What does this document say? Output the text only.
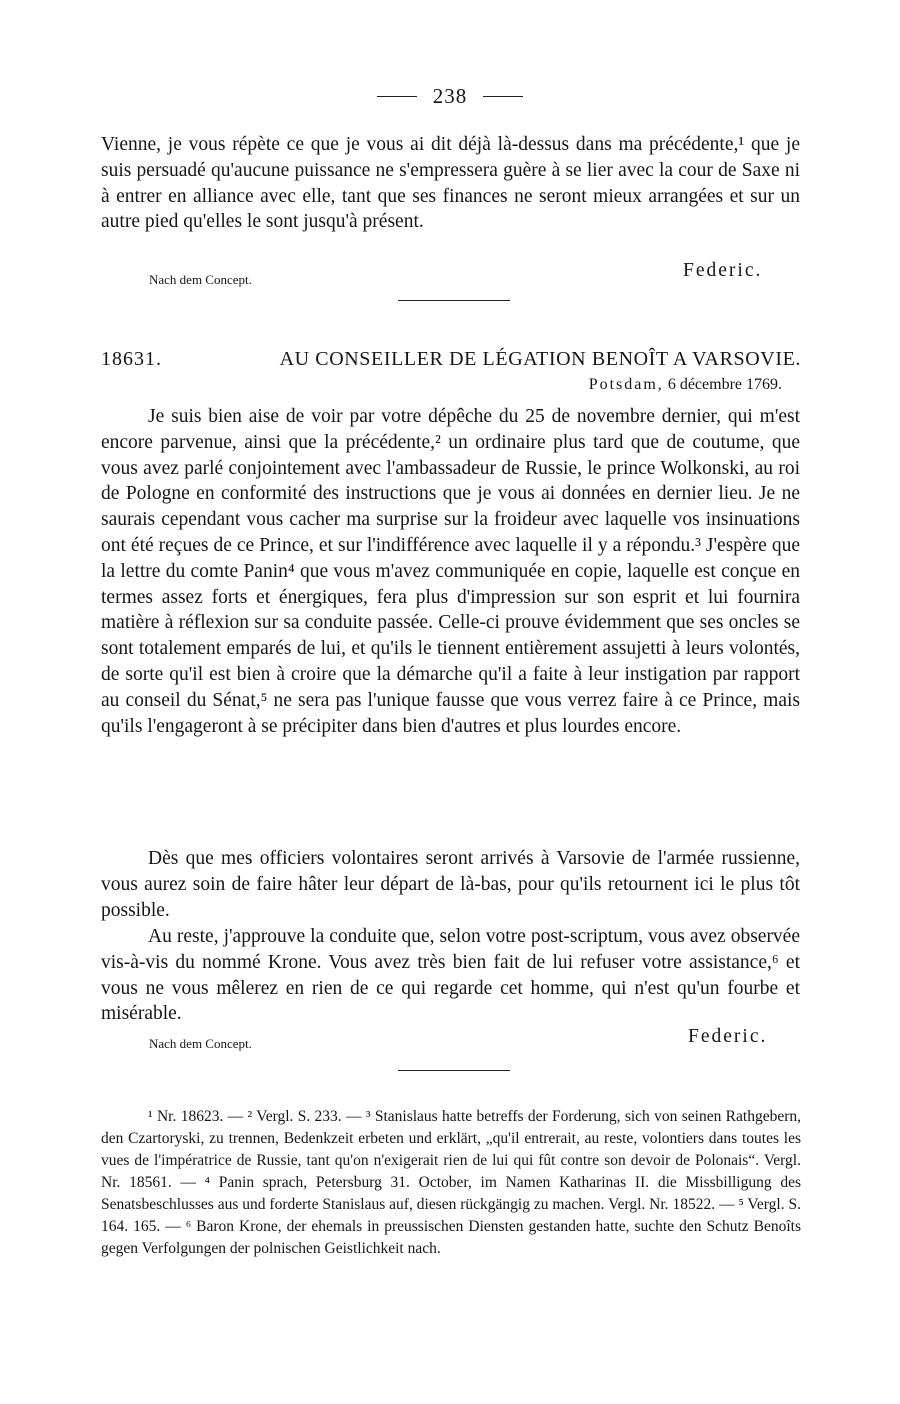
238

Vienne, je vous répète ce que je vous ai dit déjà là-dessus dans ma précédente,¹ que je suis persuadé qu'aucune puissance ne s'empressera guère à se lier avec la cour de Saxe ni à entrer en alliance avec elle, tant que ses finances ne seront mieux arrangées et sur un autre pied qu'elles le sont jusqu'à présent.

Nach dem Concept.	Federic.
18631.	AU CONSEILLER DE LÉGATION BENOÎT A VARSOVIE.
Potsdam, 6 décembre 1769.

Je suis bien aise de voir par votre dépêche du 25 de novembre dernier, qui m'est encore parvenue, ainsi que la précédente,² un ordinaire plus tard que de coutume, que vous avez parlé conjointement avec l'ambassadeur de Russie, le prince Wolkonski, au roi de Pologne en conformité des instructions que je vous ai données en dernier lieu. Je ne saurais cependant vous cacher ma surprise sur la froideur avec laquelle vos insinuations ont été reçues de ce Prince, et sur l'indifférence avec laquelle il y a répondu.³ J'espère que la lettre du comte Panin⁴ que vous m'avez communiquée en copie, laquelle est conçue en termes assez forts et énergiques, fera plus d'impression sur son esprit et lui fournira matière à réflexion sur sa conduite passée. Celle-ci prouve évidemment que ses oncles se sont totalement emparés de lui, et qu'ils le tiennent entièrement assujetti à leurs volontés, de sorte qu'il est bien à croire que la démarche qu'il a faite à leur instigation par rapport au conseil du Sénat,⁵ ne sera pas l'unique fausse que vous verrez faire à ce Prince, mais qu'ils l'engageront à se précipiter dans bien d'autres et plus lourdes encore.

Dès que mes officiers volontaires seront arrivés à Varsovie de l'armée russienne, vous aurez soin de faire hâter leur départ de là-bas, pour qu'ils retournent ici le plus tôt possible.

Au reste, j'approuve la conduite que, selon votre post-scriptum, vous avez observée vis-à-vis du nommé Krone. Vous avez très bien fait de lui refuser votre assistance,⁶ et vous ne vous mêlerez en rien de ce qui regarde cet homme, qui n'est qu'un fourbe et misérable.

Nach dem Concept.	Federic.

¹ Nr. 18623. — ² Vergl. S. 233. — ³ Stanislaus hatte betreffs der Forderung, sich von seinen Rathgebern, den Czartoryski, zu trennen, Bedenkzeit erbeten und erklärt, „qu'il entrerait, au reste, volontiers dans toutes les vues de l'impératrice de Russie, tant qu'on n'exigerait rien de lui qui fût contre son devoir de Polonais“. Vergl. Nr. 18561. — ⁴ Panin sprach, Petersburg 31. October, im Namen Katharinas II. die Missbilligung des Senatsbeschlusses aus und forderte Stanislaus auf, diesen rückgängig zu machen. Vergl. Nr. 18522. — ⁵ Vergl. S. 164. 165. — ⁶ Baron Krone, der ehemals in preussischen Diensten gestanden hatte, suchte den Schutz Benoîts gegen Verfolgungen der polnischen Geistlichkeit nach.
